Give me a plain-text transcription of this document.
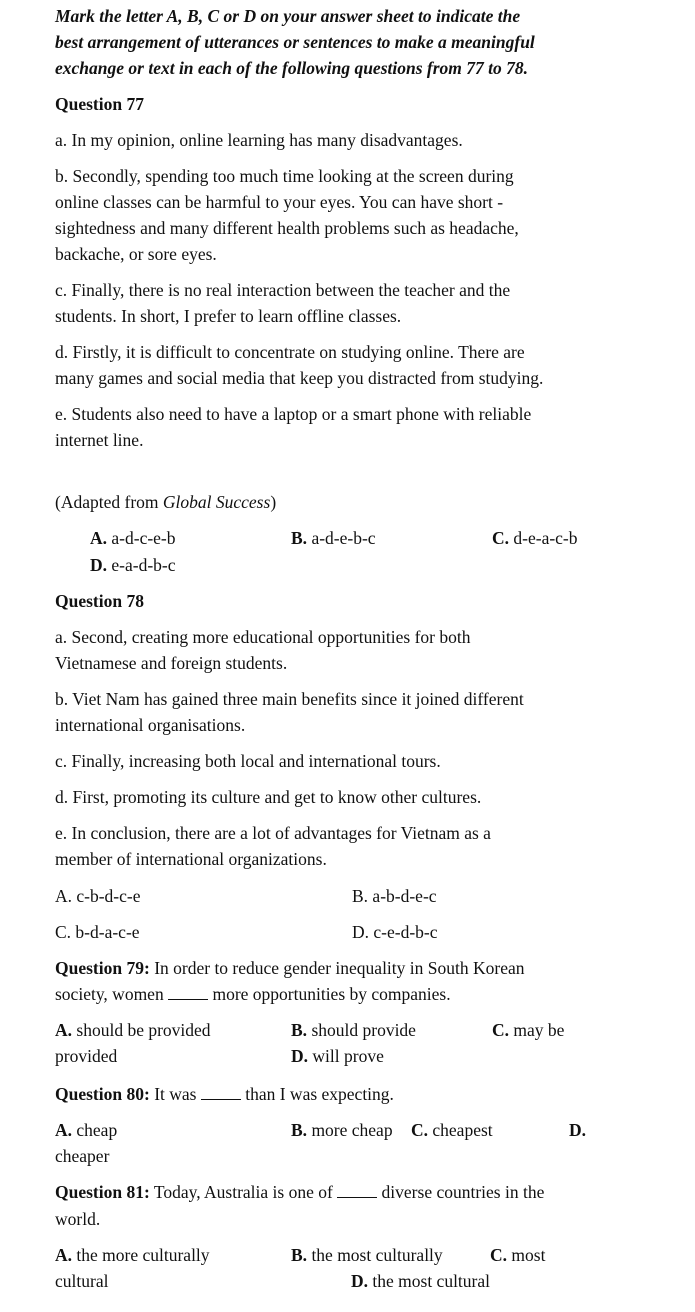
Mark the letter A, B, C or D on your answer sheet to indicate the
best arrangement of utterances or sentences to make a meaningful
exchange or text in each of the following questions from 77 to 78.
Question 77
a. In my opinion, online learning has many disadvantages.
b. Secondly, spending too much time looking at the screen during
online classes can be harmful to your eyes. You can have short -
sightedness and many different health problems such as headache,
backache, or sore eyes.
c. Finally, there is no real interaction between the teacher and the
students. In short, I prefer to learn offline classes.
d. Firstly, it is difficult to concentrate on studying online. There are
many games and social media that keep you distracted from studying.
e. Students also need to have a laptop or a smart phone with reliable
internet line.
(Adapted from Global Success)
A. a-d-c-e-b	B. a-d-e-b-c	C. d-e-a-c-b
D. e-a-d-b-c
Question 78
a. Second, creating more educational opportunities for both
Vietnamese and foreign students.
b. Viet Nam has gained three main benefits since it joined different
international organisations.
c. Finally, increasing both local and international tours.
d. First, promoting its culture and get to know other cultures.
e. In conclusion, there are a lot of advantages for Vietnam as a
member of international organizations.
A. c-b-d-c-e	B. a-b-d-e-c
C. b-d-a-c-e	D. c-e-d-b-c
Question 79: In order to reduce gender inequality in South Korean
society, women  more opportunities by companies.
A. should be provided	B. should provide	C. may be
provided	D. will prove
Question 80: It was  than I was expecting.
A. cheap	B. more cheap C. cheapest	D.
cheaper
Question 81: Today, Australia is one of  diverse countries in the
world.
A. the more culturally	B. the most culturally	C. most
cultural	D. the most cultural
